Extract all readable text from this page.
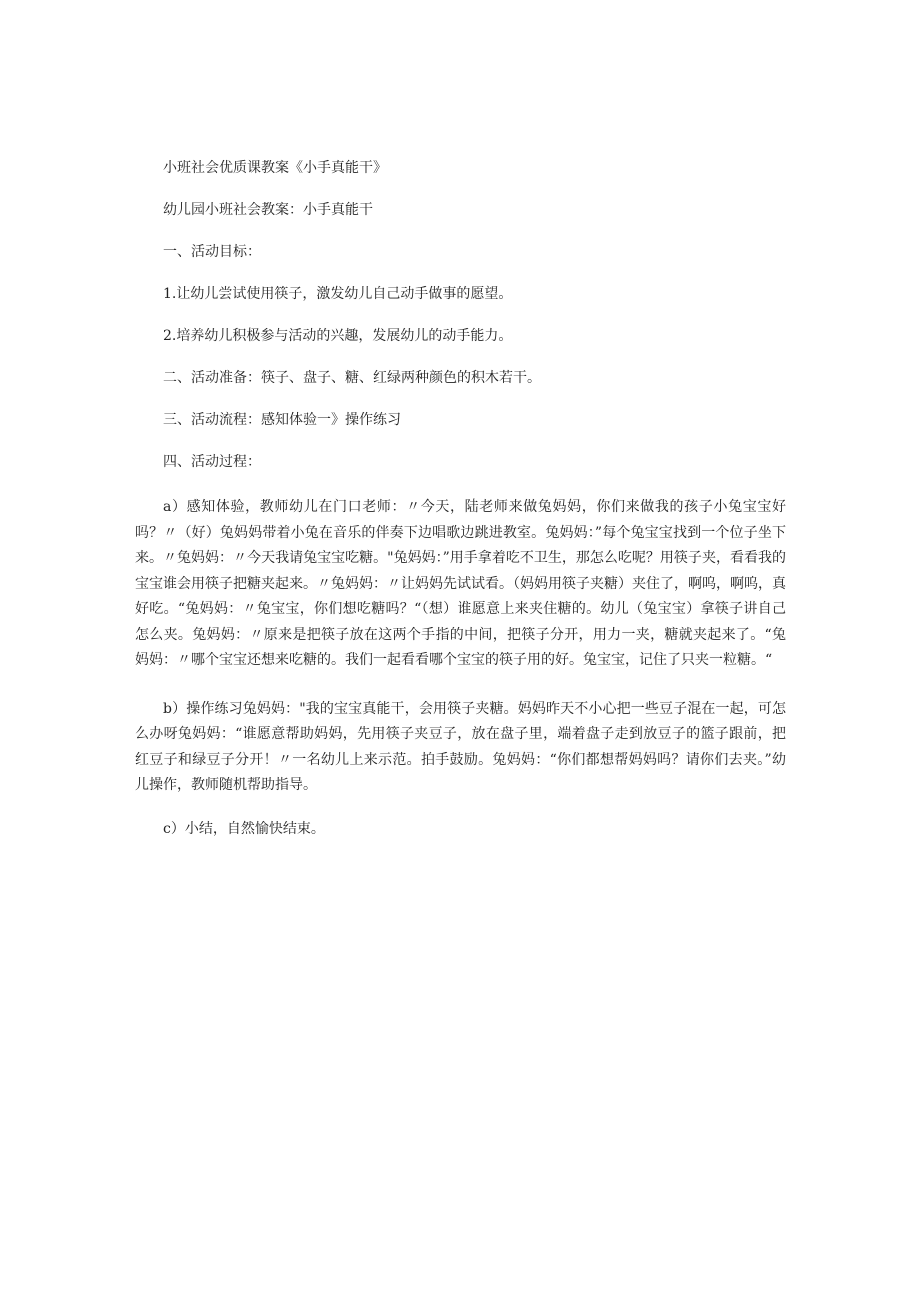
小班社会优质课教案《小手真能干》

幼儿园小班社会教案：小手真能干

一、活动目标：

1.让幼儿尝试使用筷子，激发幼儿自己动手做事的愿望。

2.培养幼儿积极参与活动的兴趣，发展幼儿的动手能力。

二、活动准备：筷子、盘子、糖、红绿两种颜色的积木若干。

三、活动流程：感知体验一》操作练习

四、活动过程：

a）感知体验，教师幼儿在门口老师：〃今天，陆老师来做兔妈妈，你们来做我的孩子小兔宝宝好吗？〃（好）兔妈妈带着小兔在音乐的伴奏下边唱歌边跳进教室。兔妈妈：”每个兔宝宝找到一个位子坐下来。〃兔妈妈：〃今天我请兔宝宝吃糖。"兔妈妈：”用手拿着吃不卫生，那怎么吃呢？用筷子夹，看看我的宝宝谁会用筷子把糖夹起来。〃兔妈妈：〃让妈妈先试试看。（妈妈用筷子夹糖）夹住了，啊呜，啊呜，真好吃。“兔妈妈：〃兔宝宝，你们想吃糖吗？“（想）谁愿意上来夹住糖的。幼儿（兔宝宝）拿筷子讲自己怎么夹。兔妈妈：〃原来是把筷子放在这两个手指的中间，把筷子分开，用力一夹，糖就夹起来了。“兔妈妈：〃哪个宝宝还想来吃糖的。我们一起看看哪个宝宝的筷子用的好。兔宝宝，记住了只夹一粒糖。“

b）操作练习兔妈妈："我的宝宝真能干，会用筷子夹糖。妈妈昨天不小心把一些豆子混在一起，可怎么办呀兔妈妈：“谁愿意帮助妈妈，先用筷子夹豆子，放在盘子里，端着盘子走到放豆子的篮子跟前，把红豆子和绿豆子分开！〃一名幼儿上来示范。拍手鼓励。兔妈妈：“你们都想帮妈妈吗？请你们去夹。”幼儿操作，教师随机帮助指导。

c）小结，自然愉快结束。
